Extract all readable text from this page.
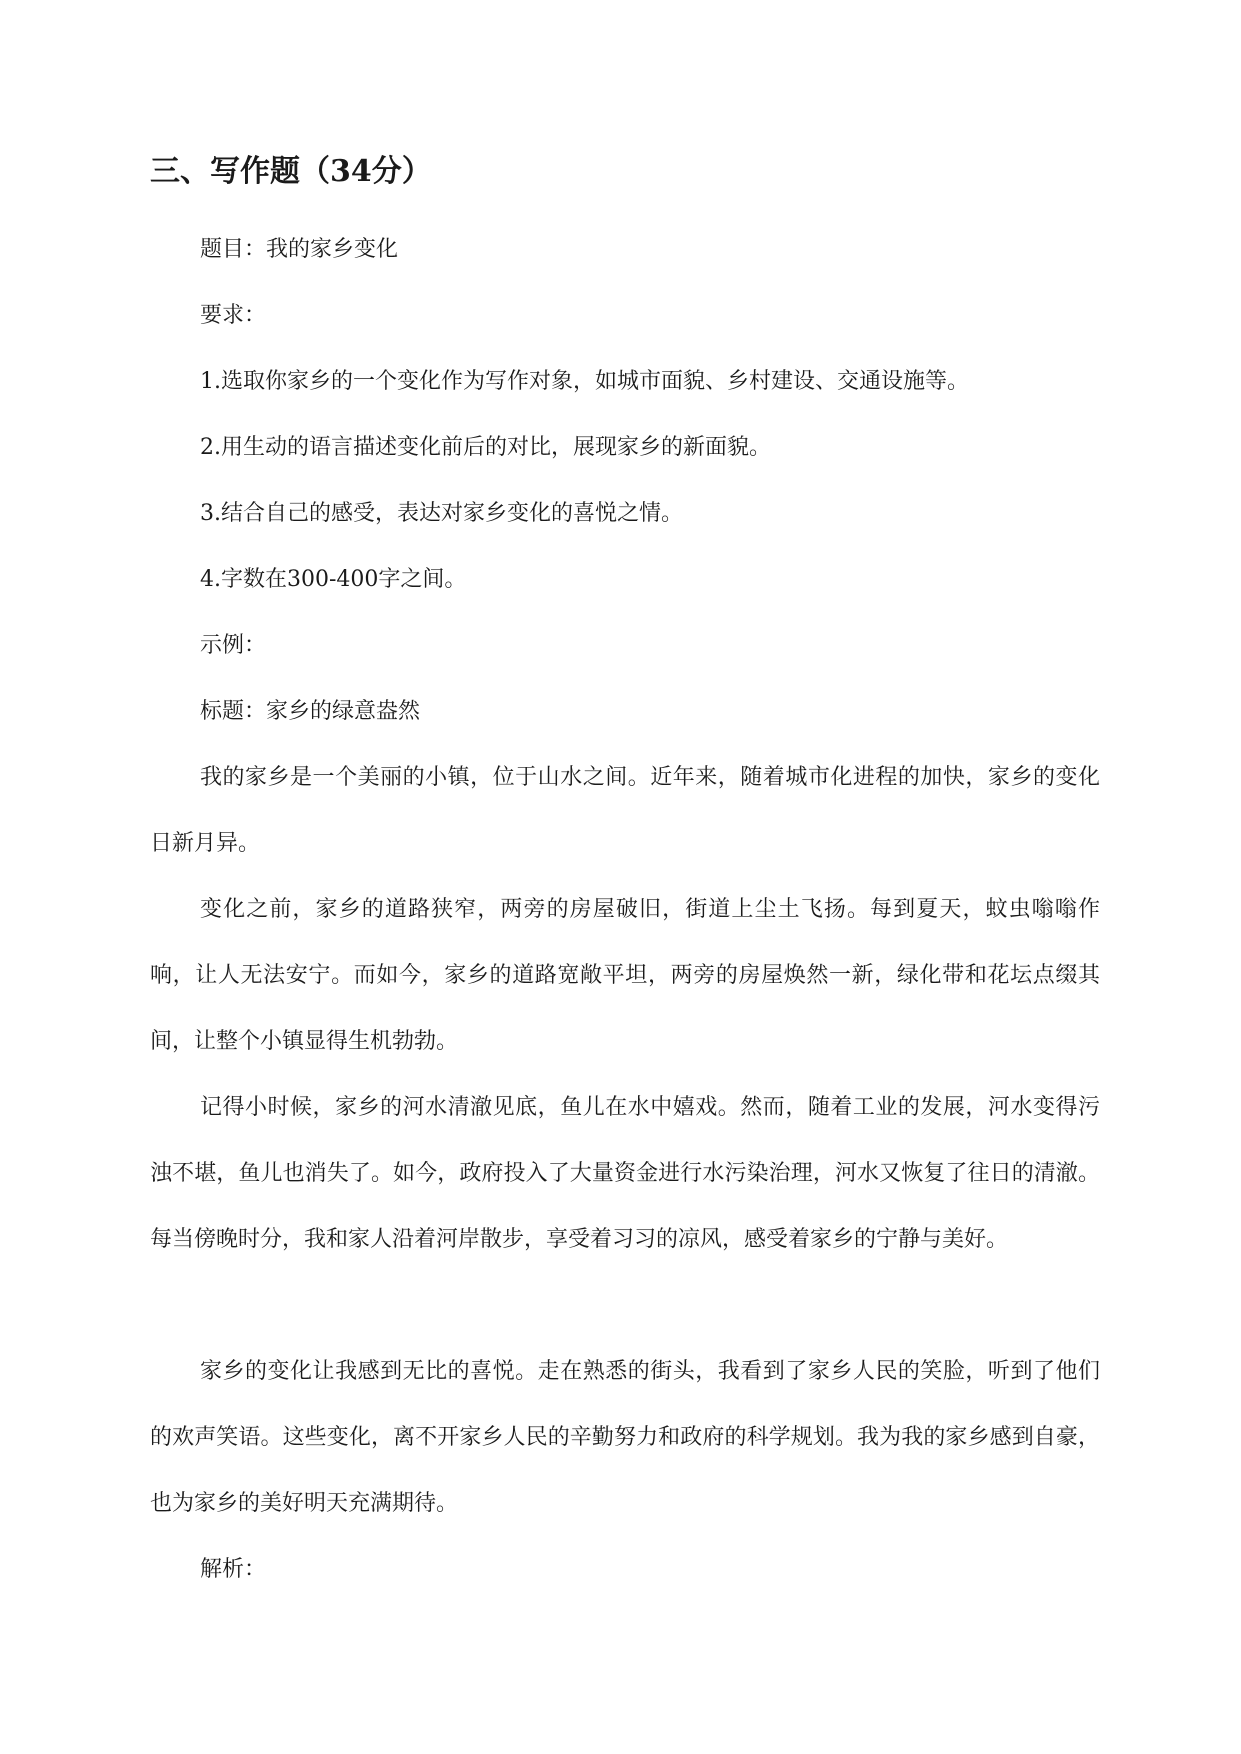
三、写作题（34分）
题目：我的家乡变化
要求：
1.选取你家乡的一个变化作为写作对象，如城市面貌、乡村建设、交通设施等。
2.用生动的语言描述变化前后的对比，展现家乡的新面貌。
3.结合自己的感受，表达对家乡变化的喜悦之情。
4.字数在300-400字之间。
示例：
标题：家乡的绿意盎然

我的家乡是一个美丽的小镇，位于山水之间。近年来，随着城市化进程的加快，家乡的变化日新月异。

变化之前，家乡的道路狭窄，两旁的房屋破旧，街道上尘土飞扬。每到夏天，蚊虫嗡嗡作响，让人无法安宁。而如今，家乡的道路宽敞平坦，两旁的房屋焕然一新，绿化带和花坛点缀其间，让整个小镇显得生机勃勃。

记得小时候，家乡的河水清澈见底，鱼儿在水中嬉戏。然而，随着工业的发展，河水变得污浊不堪，鱼儿也消失了。如今，政府投入了大量资金进行水污染治理，河水又恢复了往日的清澈。每当傍晚时分，我和家人沿着河岸散步，享受着习习的凉风，感受着家乡的宁静与美好。

家乡的变化让我感到无比的喜悦。走在熟悉的街头，我看到了家乡人民的笑脸，听到了他们的欢声笑语。这些变化，离不开家乡人民的辛勤努力和政府的科学规划。我为我的家乡感到自豪，也为家乡的美好明天充满期待。

解析：
